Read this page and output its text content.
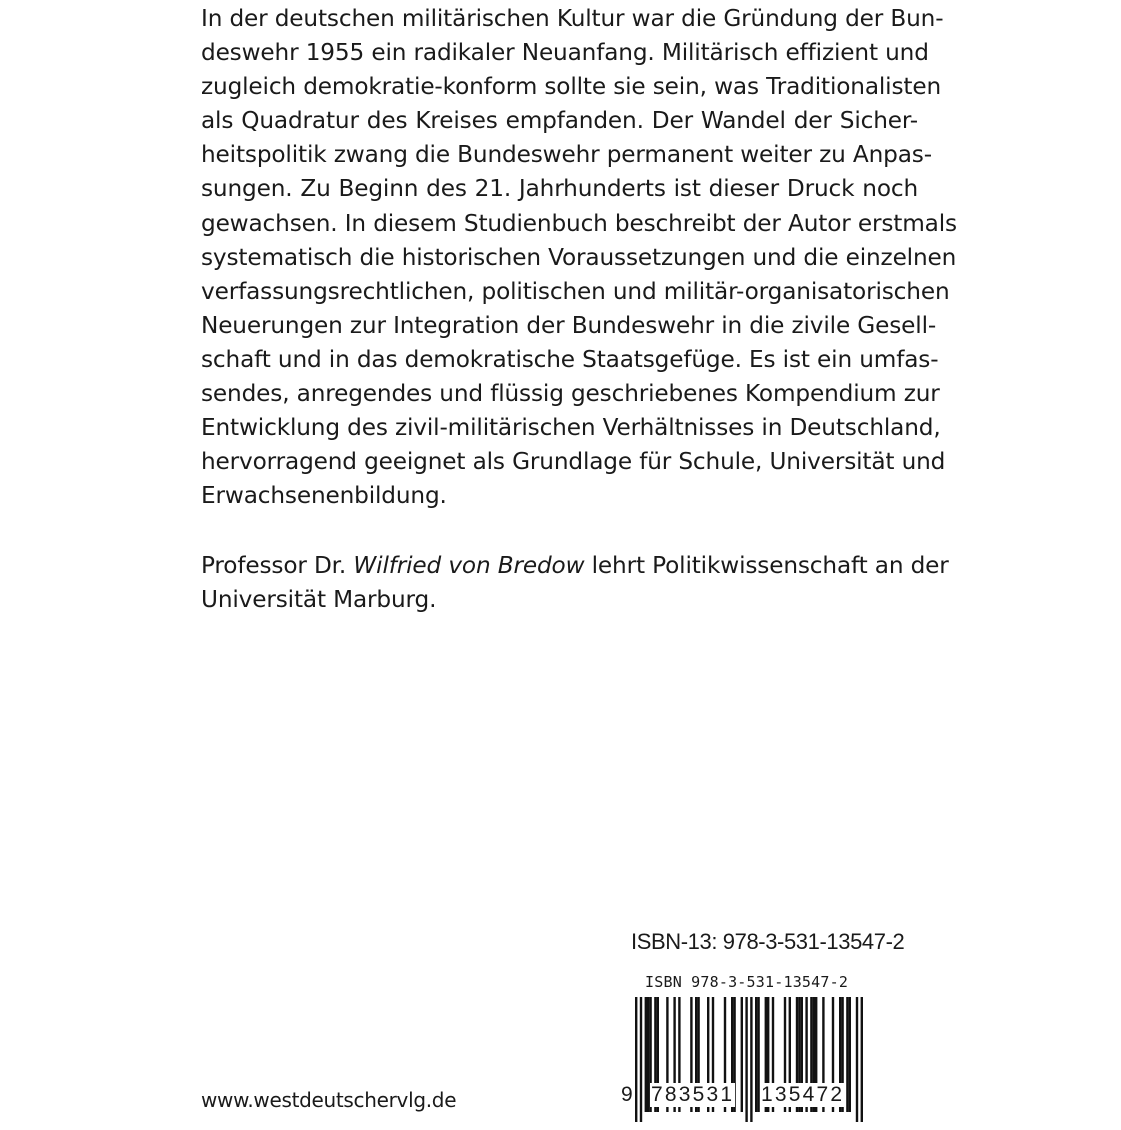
In der deutschen militärischen Kultur war die Gründung der Bun-
deswehr 1955 ein radikaler Neuanfang. Militärisch effizient und
zugleich demokratie-konform sollte sie sein, was Traditionalisten
als Quadratur des Kreises empfanden. Der Wandel der Sicher-
heitspolitik zwang die Bundeswehr permanent weiter zu Anpas-
sungen. Zu Beginn des 21. Jahrhunderts ist dieser Druck noch
gewachsen. In diesem Studienbuch beschreibt der Autor erstmals
systematisch die historischen Voraussetzungen und die einzelnen
verfassungsrechtlichen, politischen und militär-organisatorischen
Neuerungen zur Integration der Bundeswehr in die zivile Gesell-
schaft und in das demokratische Staatsgefüge. Es ist ein umfas-
sendes, anregendes und flüssig geschriebenes Kompendium zur
Entwicklung des zivil-militärischen Verhältnisses in Deutschland,
hervorragend geeignet als Grundlage für Schule, Universität und
Erwachsenenbildung.
Professor Dr. Wilfried von Bredow lehrt Politikwissenschaft an der
Universität Marburg.
ISBN-13: 978-3-531-13547-2
ISBN 978-3-531-13547-2
9 783531 135472
www.westdeutschervlg.de
